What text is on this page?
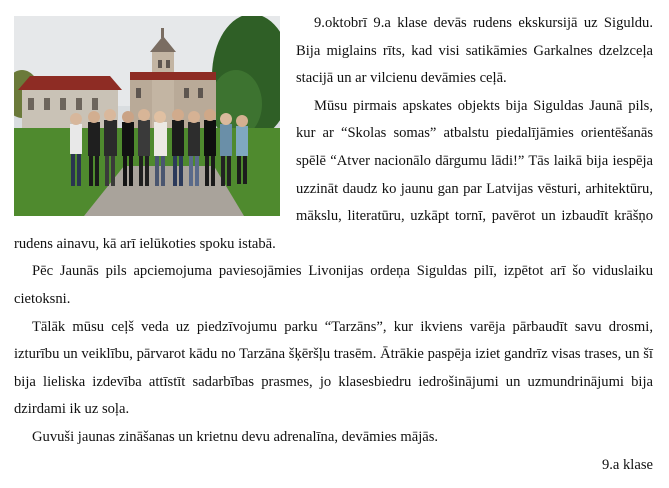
9.oktobrī 9.a klase devās rudens ekskursijā uz Siguldu. Bija miglains rīts, kad visi satikāmies Garkalnes dzelzceļa stacijā un ar vilcienu devāmies ceļā.

Mūsu pirmais apskates objekts bija Siguldas Jaunā pils, kur ar “Skolas somas” atbalstu piedalījāmies orientēšanās spēlē “Atver nacionālo dārgumu lādi!” Tās laikā bija iespēja uzzināt daudz ko jaunu gan par Latvijas vēsturi, arhitektūru, mākslu, literatūru, uzkāpt tornī, pavērot un izbaudīt krāšņo rudens ainavu, kā arī ielūkoties spoku istabā.

Pēc Jaunās pils apciemojuma paviesojāmies Livonijas ordeņa Siguldas pilī, izpētot arī šo viduslaiku cietoksni.

Tālāk mūsu ceļš veda uz piedzīvojumu parku “Tarzāns”, kur ikviens varēja pārbaudīt savu drosmi, izturību un veiklību, pārvarot kādu no Tarzāna šķēršļu trasēm. Ātrākie paspēja iziet gandrīz visas trases, un šī bija lieliska izdevība attīstīt sadarbības prasmes, jo klasesbiedru iedrošinājumi un uzmundrinājumi bija dzirdami ik uz soļa.

Guvuši jaunas zināšanas un krietnu devu adrenalīna, devāmies mājās.

9.a klase
